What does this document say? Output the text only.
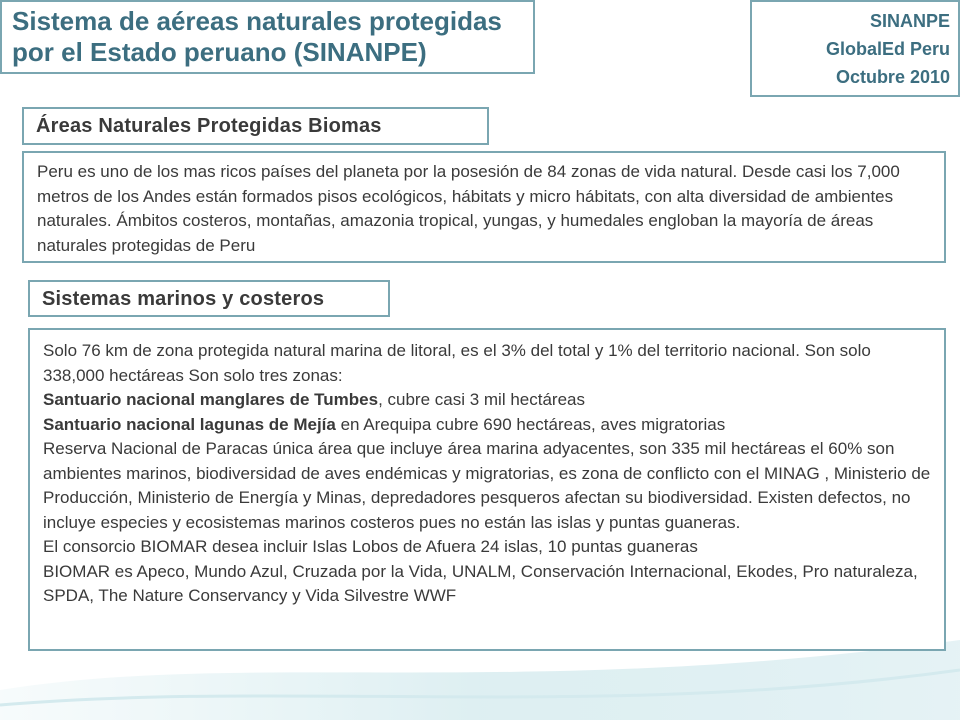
Sistema de aéreas naturales protegidas
por el Estado peruano (SINANPE)
SINANPE
GlobalEd Peru
Octubre 2010
Áreas Naturales Protegidas Biomas

Peru es uno de los mas ricos países del planeta por la posesión de 84 zonas de vida natural. Desde casi los 7,000 metros de los Andes están formados pisos ecológicos, hábitats y micro hábitats, con alta diversidad de ambientes naturales. Ámbitos costeros, montañas, amazonia tropical, yungas, y humedales engloban la mayoría de áreas naturales protegidas de Peru

Sistemas marinos y costeros

Solo 76 km de zona protegida natural marina de litoral, es el 3% del total y 1% del territorio nacional. Son solo 338,000 hectáreas Son solo tres zonas:

Santuario nacional manglares de Tumbes, cubre casi 3 mil hectáreas

Santuario nacional lagunas de Mejía en Arequipa cubre 690 hectáreas, aves migratorias

Reserva Nacional de Paracas única área que incluye área marina adyacentes, son 335 mil hectáreas el 60% son ambientes marinos, biodiversidad de aves endémicas y migratorias, es zona de conflicto con el MINAG , Ministerio de Producción, Ministerio de Energía y Minas, depredadores pesqueros afectan su biodiversidad. Existen defectos, no incluye especies y ecosistemas marinos costeros pues no están las islas y puntas guaneras.

El consorcio BIOMAR desea incluir Islas Lobos de Afuera 24 islas, 10 puntas guaneras

BIOMAR es Apeco, Mundo Azul, Cruzada por la Vida, UNALM, Conservación Internacional, Ekodes, Pro naturaleza, SPDA, The Nature Conservancy y Vida Silvestre WWF
